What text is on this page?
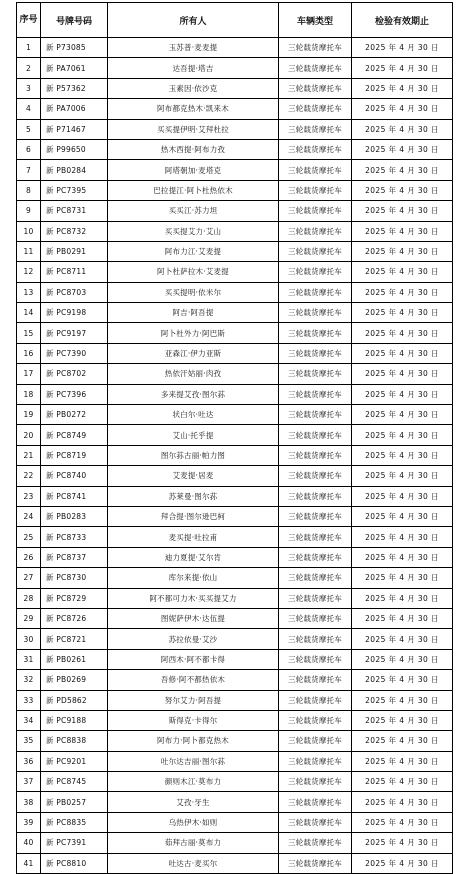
序号	号牌号码	所有人	车辆类型	检验有效期止
1	新 P73085	玉苏普·麦麦提	三轮载货摩托车	2025 年 4 月 30 日
2	新 PA7061	达吾提·塔吉	三轮载货摩托车	2025 年 4 月 30 日
3	新 P57362	玉素因·依沙克	三轮载货摩托车	2025 年 4 月 30 日
4	新 PA7006	阿布都克热木·凯来木	三轮载货摩托车	2025 年 4 月 30 日
5	新 P71467	买买提伊明·艾拜杜拉	三轮载货摩托车	2025 年 4 月 30 日
6	新 P99650	热木西提·阿布力孜	三轮载货摩托车	2025 年 4 月 30 日
7	新 PB0284	阿塔朝加·麦塔克	三轮载货摩托车	2025 年 4 月 30 日
8	新 PC7395	巴拉提江·阿卜杜热依木	三轮载货摩托车	2025 年 4 月 30 日
9	新 PC8731	买买江·苏力坦	三轮载货摩托车	2025 年 4 月 30 日
10	新 PC8732	买买提艾力·艾山	三轮载货摩托车	2025 年 4 月 30 日
11	新 PB0291	阿布力江·艾麦提	三轮载货摩托车	2025 年 4 月 30 日
12	新 PC8711	阿卜杜萨拉木·艾麦提	三轮载货摩托车	2025 年 4 月 30 日
13	新 PC8703	买买提明·依米尔	三轮载货摩托车	2025 年 4 月 30 日
14	新 PC9198	阿吉·阿吾提	三轮载货摩托车	2025 年 4 月 30 日
15	新 PC9197	阿卜杜外力·阿巴斯	三轮载货摩托车	2025 年 4 月 30 日
16	新 PC7390	亚森江·伊力亚斯	三轮载货摩托车	2025 年 4 月 30 日
17	新 PC8702	热依汗姑丽·肉孜	三轮载货摩托车	2025 年 4 月 30 日
18	新 PC7396	多来提艾孜·图尔荪	三轮载货摩托车	2025 年 4 月 30 日
19	新 PB0272	状白尔·吐达	三轮载货摩托车	2025 年 4 月 30 日
20	新 PC8749	艾山·托乎提	三轮载货摩托车	2025 年 4 月 30 日
21	新 PC8719	图尔荪古丽·帕力图	三轮载货摩托车	2025 年 4 月 30 日
22	新 PC8740	艾麦提·居麦	三轮载货摩托车	2025 年 4 月 30 日
23	新 PC8741	苏莱曼·图尔荪	三轮载货摩托车	2025 年 4 月 30 日
24	新 PB0283	拜合提·图尔逊巴柯	三轮载货摩托车	2025 年 4 月 30 日
25	新 PC8733	麦买提·吐拉甫	三轮载货摩托车	2025 年 4 月 30 日
26	新 PC8737	迪力夏提·艾尔肯	三轮载货摩托车	2025 年 4 月 30 日
27	新 PC8730	库尔来提·依山	三轮载货摩托车	2025 年 4 月 30 日
28	新 PC8729	阿不都可力木·买买提艾力	三轮载货摩托车	2025 年 4 月 30 日
29	新 PC8726	图妮萨伊木·达伍提	三轮载货摩托车	2025 年 4 月 30 日
30	新 PC8721	苏拉依曼·艾沙	三轮载货摩托车	2025 年 4 月 30 日
31	新 PB0261	阿西木·阿不都卡得	三轮载货摩托车	2025 年 4 月 30 日
32	新 PB0269	吾修·阿不都热依木	三轮载货摩托车	2025 年 4 月 30 日
33	新 PD5862	努尔艾力·阿吾提	三轮载货摩托车	2025 年 4 月 30 日
34	新 PC9188	斯得克·卡得尔	三轮载货摩托车	2025 年 4 月 30 日
35	新 PC8838	阿布力·阿卜都克热木	三轮载货摩托车	2025 年 4 月 30 日
36	新 PC9201	吐尔达吉丽·图尔荪	三轮载货摩托车	2025 年 4 月 30 日
37	新 PC8745	颜则木江·莫布力	三轮载货摩托车	2025 年 4 月 30 日
38	新 PB0257	艾孜·牙生	三轮载货摩托车	2025 年 4 月 30 日
39	新 PC8835	乌热伊木·如则	三轮载货摩托车	2025 年 4 月 30 日
40	新 PC7391	茹拜古丽·莫布力	三轮载货摩托车	2025 年 4 月 30 日
41	新 PC8810	吐达古·麦买尔	三轮载货摩托车	2025 年 4 月 30 日
